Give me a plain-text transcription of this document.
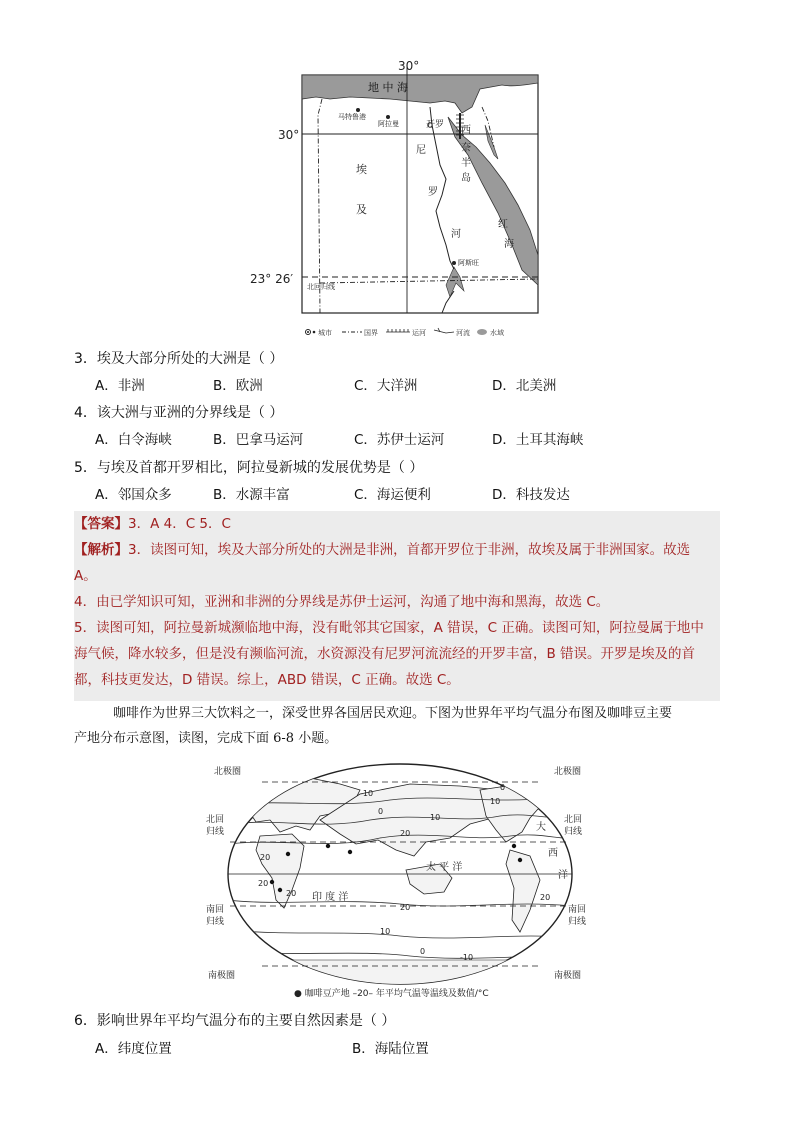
30°
30°
23° 26′
地 中 海
马特鲁港
阿拉曼	开罗 西
奈
半
岛
埃
及
尼
罗
河
红
海
阿斯旺
北回归线
城市	国界	运河	河流	水域
3．埃及大部分所处的大洲是（ ）
A．非洲	B．欧洲	C．大洋洲	D．北美洲
4．该大洲与亚洲的分界线是（ ）
A．白令海峡	B．巴拿马运河	C．苏伊士运河	D．土耳其海峡
5．与埃及首都开罗相比，阿拉曼新城的发展优势是（ ）
A．邻国众多	B．水源丰富	C．海运便利	D．科技发达
【答案】3．A 4．C 5．C
【解析】3．读图可知，埃及大部分所处的大洲是非洲，首都开罗位于非洲，故埃及属于非洲国家。故选
A。
4．由已学知识可知，亚洲和非洲的分界线是苏伊士运河，沟通了地中海和黑海，故选 C。
5．读图可知，阿拉曼新城濒临地中海，没有毗邻其它国家，A 错误，C 正确。读图可知，阿拉曼属于地中
海气候，降水较多，但是没有濒临河流，水资源没有尼罗河流流经的开罗丰富，B 错误。开罗是埃及的首
都，科技更发达，D 错误。综上，ABD 错误，C 正确。故选 C。
咖啡作为世界三大饮料之一，深受世界各国居民欢迎。下图为世界年平均气温分布图及咖啡豆主要
产地分布示意图，读图，完成下面 6-8 小题。
北极圈	北极圈
北回
归线
北回
归线
南回
归线
南回
归线
南极圈	南极圈
太 平 洋
印 度 洋
大
西
洋
-10
0
10
20
20
20
20
10
0
-10
20
10
0
20
● 咖啡豆产地 –20– 年平均气温等温线及数值/°C
6．影响世界年平均气温分布的主要自然因素是（ ）
A．纬度位置	B．海陆位置
